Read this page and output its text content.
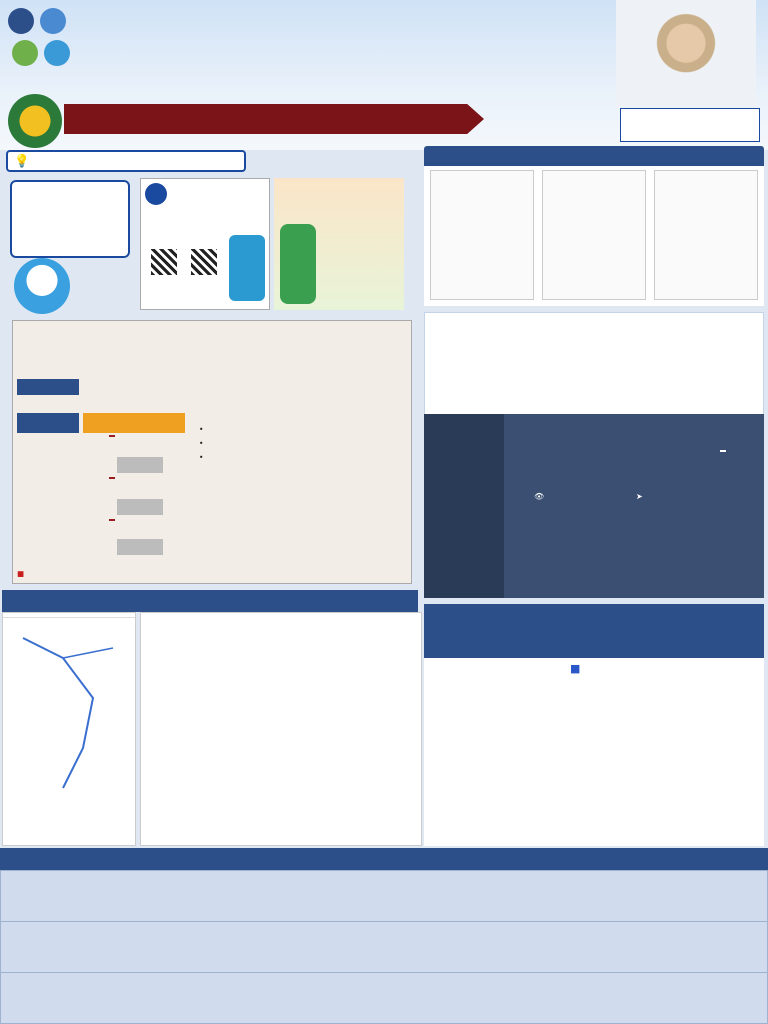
💡
•
•
•
■
👁	➤
■
